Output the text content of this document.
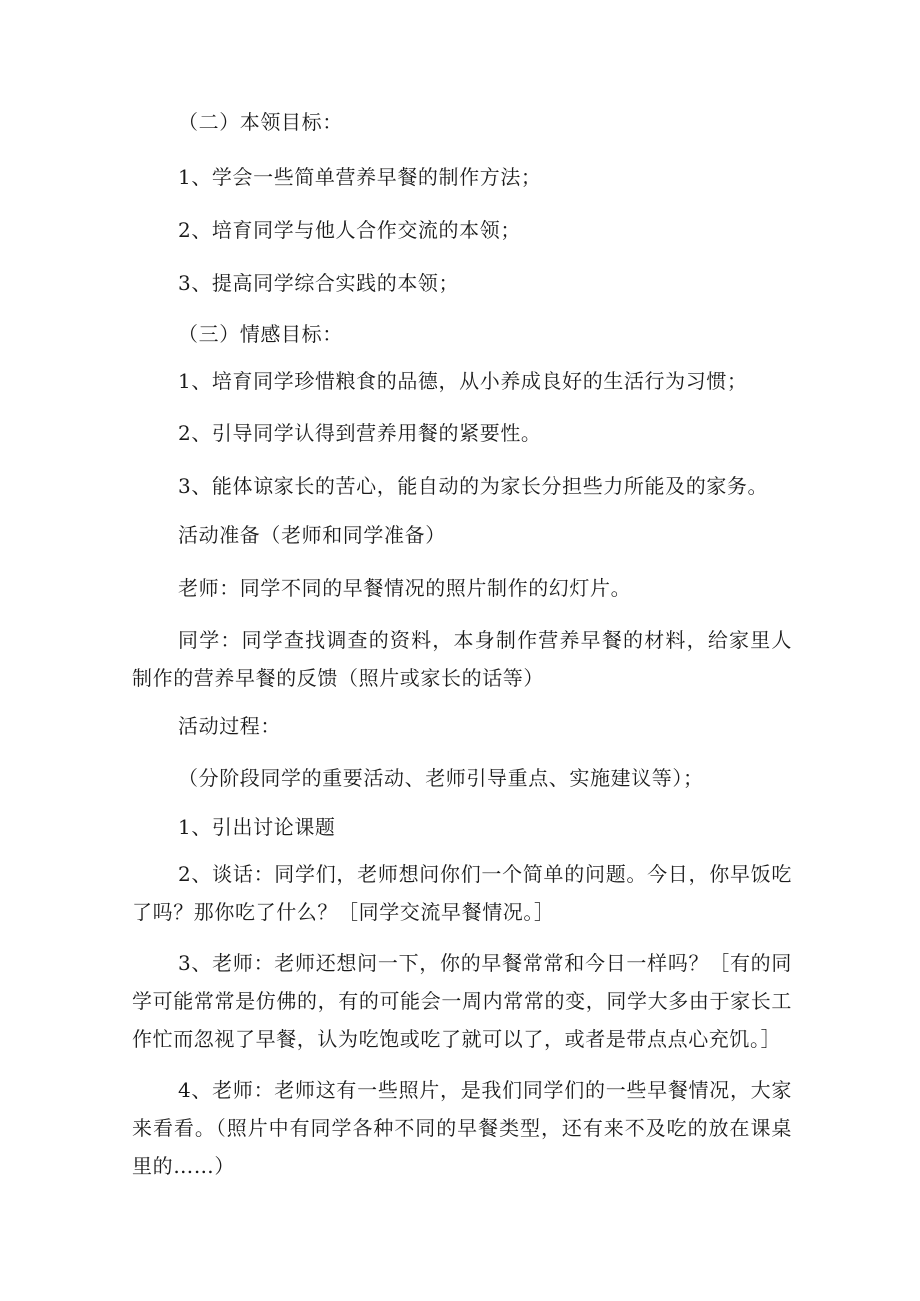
（二）本领目标：
1、学会一些简单营养早餐的制作方法；
2、培育同学与他人合作交流的本领；
3、提高同学综合实践的本领；
（三）情感目标：
1、培育同学珍惜粮食的品德，从小养成良好的生活行为习惯；
2、引导同学认得到营养用餐的紧要性。
3、能体谅家长的苦心，能自动的为家长分担些力所能及的家务。
活动准备（老师和同学准备）
老师：同学不同的早餐情况的照片制作的幻灯片。
同学：同学查找调查的资料，本身制作营养早餐的材料，给家里人制作的营养早餐的反馈（照片或家长的话等）
活动过程：
（分阶段同学的重要活动、老师引导重点、实施建议等）；
1、引出讨论课题
2、谈话：同学们，老师想问你们一个简单的问题。今日，你早饭吃了吗？那你吃了什么？［同学交流早餐情况。］
3、老师：老师还想问一下，你的早餐常常和今日一样吗？［有的同学可能常常是仿佛的，有的可能会一周内常常的变，同学大多由于家长工作忙而忽视了早餐，认为吃饱或吃了就可以了，或者是带点点心充饥。］
4、老师：老师这有一些照片，是我们同学们的一些早餐情况，大家来看看。（照片中有同学各种不同的早餐类型，还有来不及吃的放在课桌里的……）
